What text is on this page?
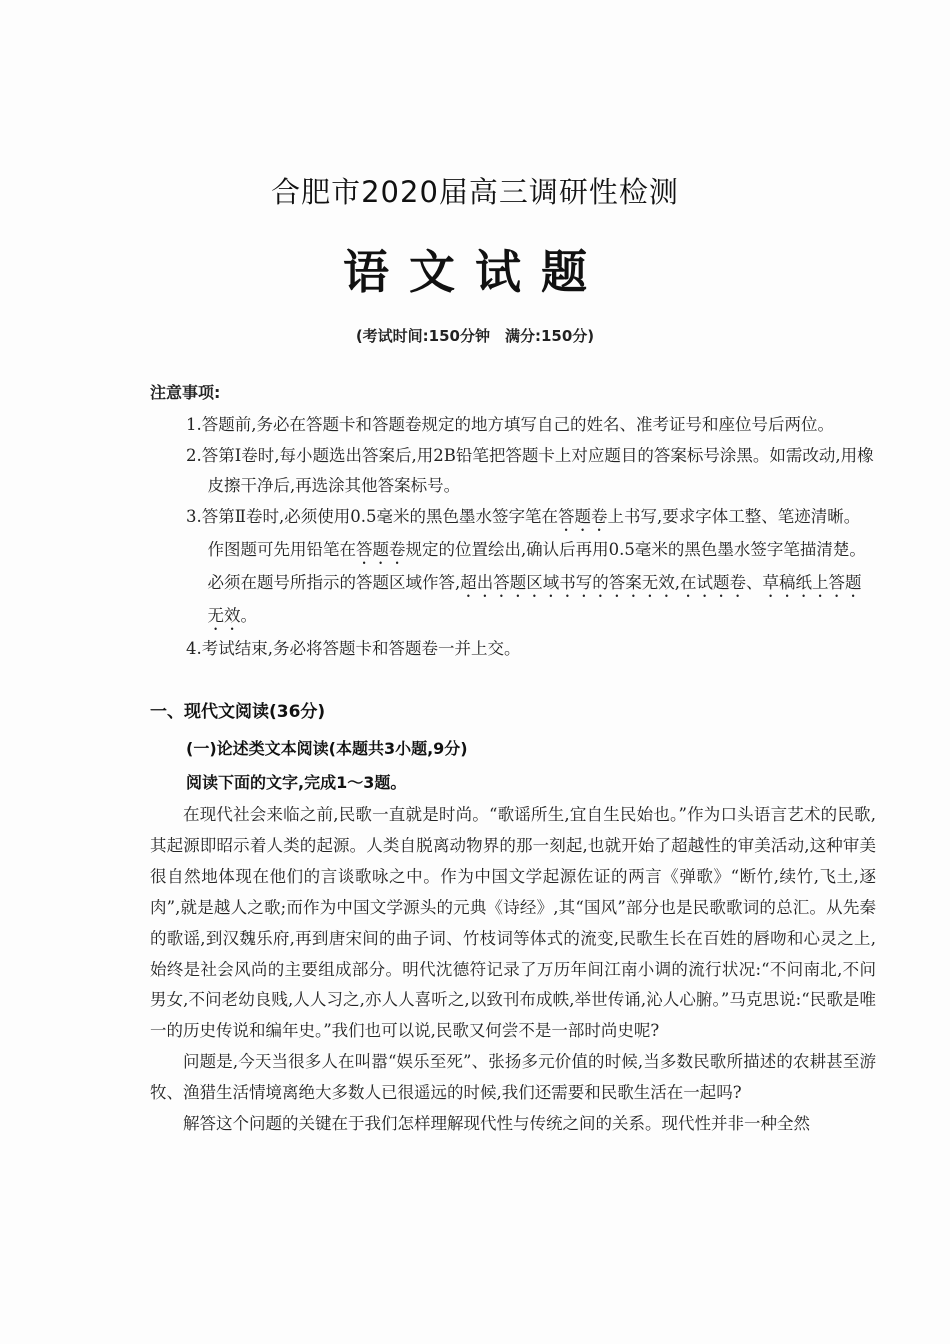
合肥市2020届高三调研性检测
语文试题
(考试时间:150分钟　满分:150分)
注意事项:

1.答题前,务必在答题卡和答题卷规定的地方填写自己的姓名、准考证号和座位号后两位。

2.答第Ⅰ卷时,每小题选出答案后,用2B铅笔把答题卡上对应题目的答案标号涂黑。如需改动,用橡皮擦干净后,再选涂其他答案标号。

3.答第Ⅱ卷时,必须使用0.5毫米的黑色墨水签字笔在答题卷上书写,要求字体工整、笔迹清晰。作图题可先用铅笔在答题卷规定的位置绘出,确认后再用0.5毫米的黑色墨水签字笔描清楚。必须在题号所指示的答题区域作答,超出答题区域书写的答案无效,在试题卷、草稿纸上答题无效。

4.考试结束,务必将答题卡和答题卷一并上交。

一、现代文阅读(36分)
(一)论述类文本阅读(本题共3小题,9分)
阅读下面的文字,完成1～3题。

在现代社会来临之前,民歌一直就是时尚。“歌谣所生,宜自生民始也。”作为口头语言艺术的民歌,其起源即昭示着人类的起源。人类自脱离动物界的那一刻起,也就开始了超越性的审美活动,这种审美很自然地体现在他们的言谈歌咏之中。作为中国文学起源佐证的两言《弹歌》“断竹,续竹,飞土,逐肉”,就是越人之歌;而作为中国文学源头的元典《诗经》,其“国风”部分也是民歌歌词的总汇。从先秦的歌谣,到汉魏乐府,再到唐宋间的曲子词、竹枝词等体式的流变,民歌生长在百姓的唇吻和心灵之上,始终是社会风尚的主要组成部分。明代沈德符记录了万历年间江南小调的流行状况:“不问南北,不问男女,不问老幼良贱,人人习之,亦人人喜听之,以致刊布成帙,举世传诵,沁人心腑。”马克思说:“民歌是唯一的历史传说和编年史。”我们也可以说,民歌又何尝不是一部时尚史呢?

问题是,今天当很多人在叫嚣“娱乐至死”、张扬多元价值的时候,当多数民歌所描述的农耕甚至游牧、渔猎生活情境离绝大多数人已很遥远的时候,我们还需要和民歌生活在一起吗?

解答这个问题的关键在于我们怎样理解现代性与传统之间的关系。现代性并非一种全然
